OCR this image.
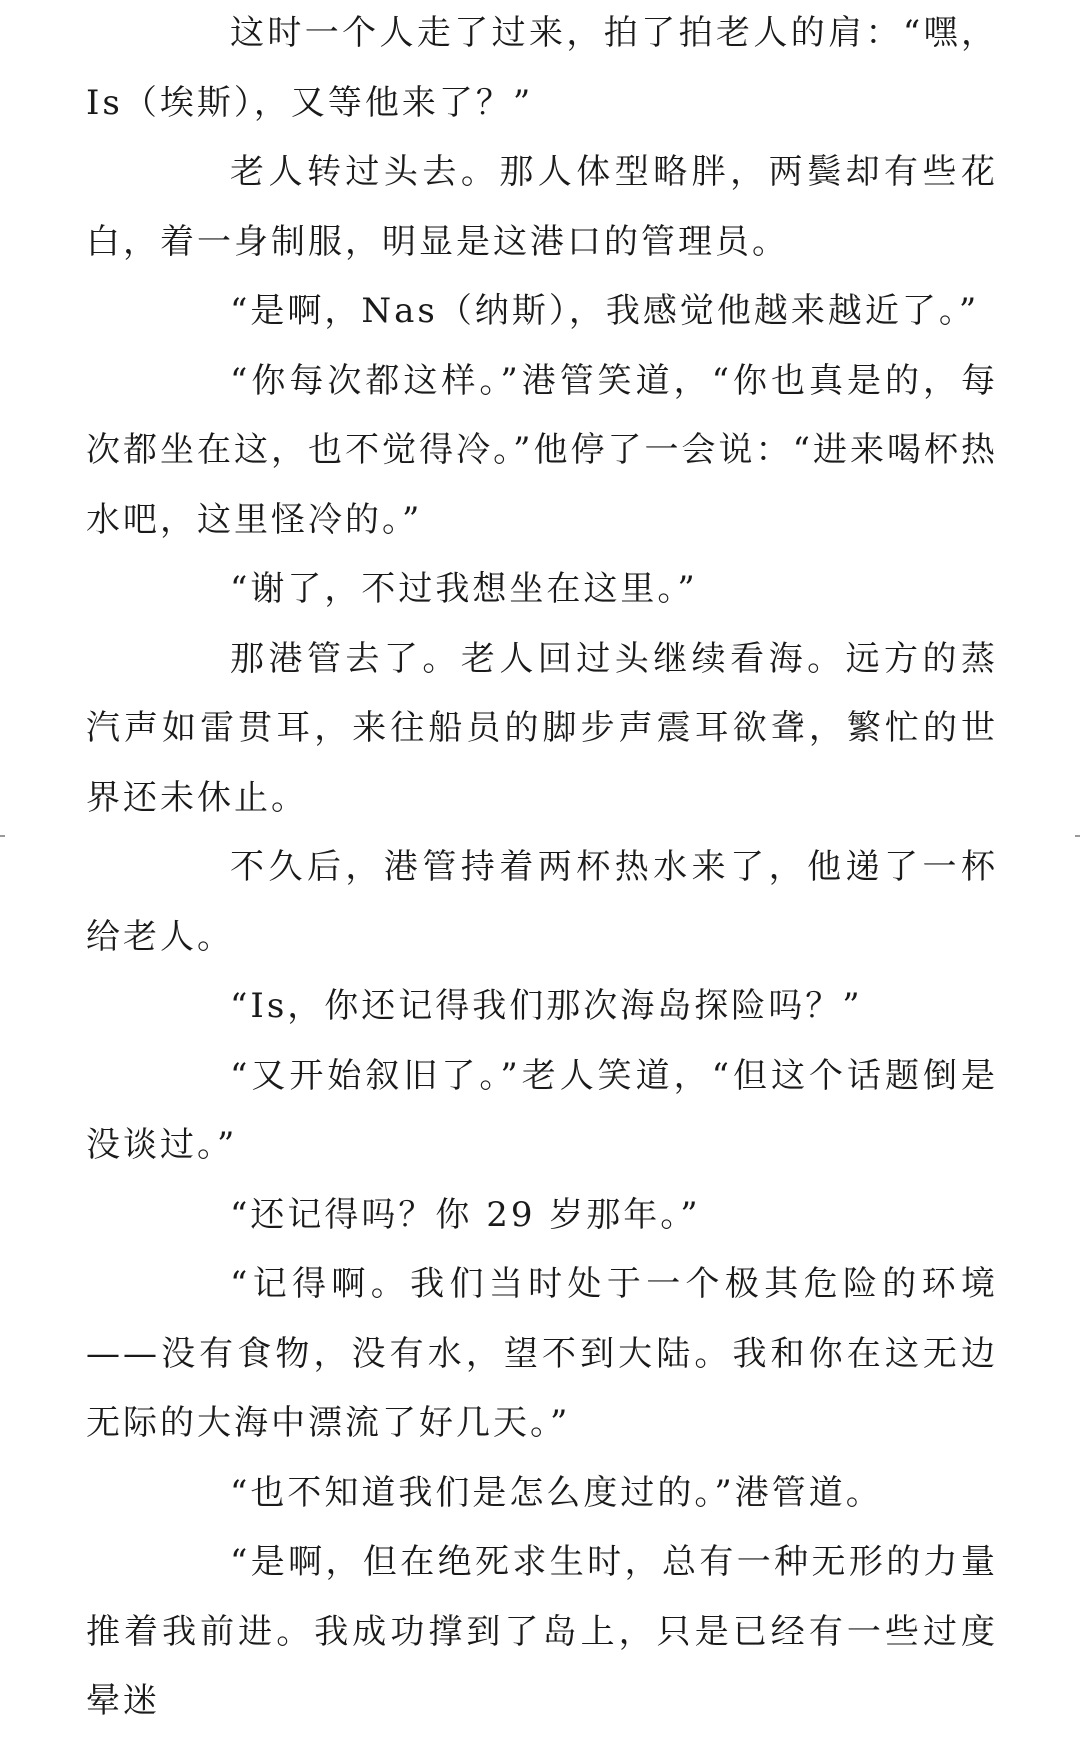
这时一个人走了过来，拍了拍老人的肩：“嘿，Is（埃斯），又等他来了？”

老人转过头去。那人体型略胖，两鬓却有些花白，着一身制服，明显是这港口的管理员。

“是啊，Nas（纳斯），我感觉他越来越近了。”

“你每次都这样。”港管笑道，“你也真是的，每次都坐在这，也不觉得冷。”他停了一会说：“进来喝杯热水吧，这里怪冷的。”

“谢了，不过我想坐在这里。”

那港管去了。老人回过头继续看海。远方的蒸汽声如雷贯耳，来往船员的脚步声震耳欲聋，繁忙的世界还未休止。

不久后，港管持着两杯热水来了，他递了一杯给老人。

“Is，你还记得我们那次海岛探险吗？”

“又开始叙旧了。”老人笑道，“但这个话题倒是没谈过。”

“还记得吗？你 29 岁那年。”

“记得啊。我们当时处于一个极其危险的环境——没有食物，没有水，望不到大陆。我和你在这无边无际的大海中漂流了好几天。”

“也不知道我们是怎么度过的。”港管道。

“是啊，但在绝死求生时，总有一种无形的力量推着我前进。我成功撑到了岛上，只是已经有一些过度晕迷
